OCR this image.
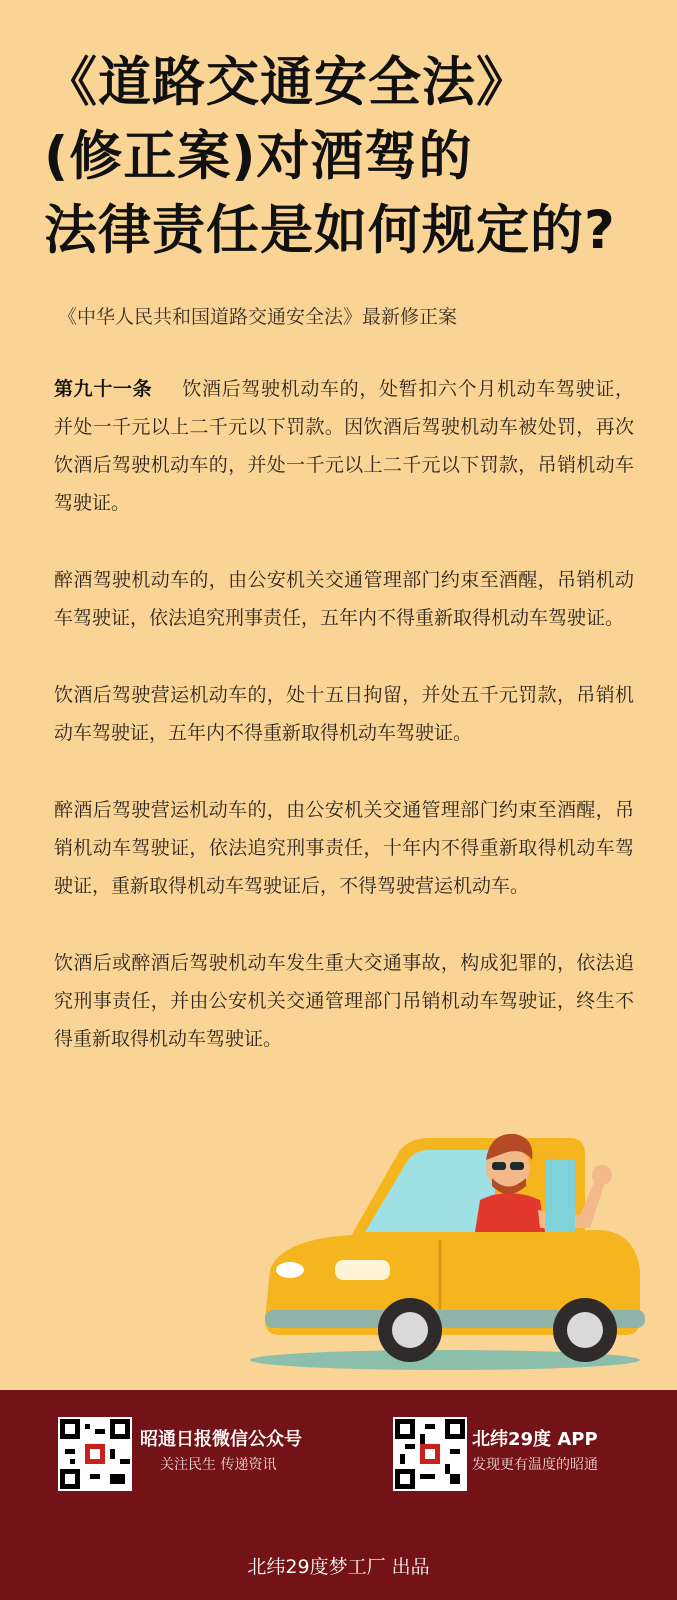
《道路交通安全法》
(修正案)对酒驾的
法律责任是如何规定的?
《中华人民共和国道路交通安全法》最新修正案

第九十一条 饮酒后驾驶机动车的，处暂扣六个月机动车驾驶证，并处一千元以上二千元以下罚款。因饮酒后驾驶机动车被处罚，再次饮酒后驾驶机动车的，并处一千元以上二千元以下罚款，吊销机动车驾驶证。

醉酒驾驶机动车的，由公安机关交通管理部门约束至酒醒，吊销机动车驾驶证，依法追究刑事责任，五年内不得重新取得机动车驾驶证。

饮酒后驾驶营运机动车的，处十五日拘留，并处五千元罚款，吊销机动车驾驶证，五年内不得重新取得机动车驾驶证。

醉酒后驾驶营运机动车的，由公安机关交通管理部门约束至酒醒，吊销机动车驾驶证，依法追究刑事责任，十年内不得重新取得机动车驾驶证，重新取得机动车驾驶证后，不得驾驶营运机动车。

饮酒后或醉酒后驾驶机动车发生重大交通事故，构成犯罪的，依法追究刑事责任，并由公安机关交通管理部门吊销机动车驾驶证，终生不得重新取得机动车驾驶证。

昭通日报微信公众号
关注民生 传递资讯
北纬29度 APP
发现更有温度的昭通
北纬29度梦工厂 出品
